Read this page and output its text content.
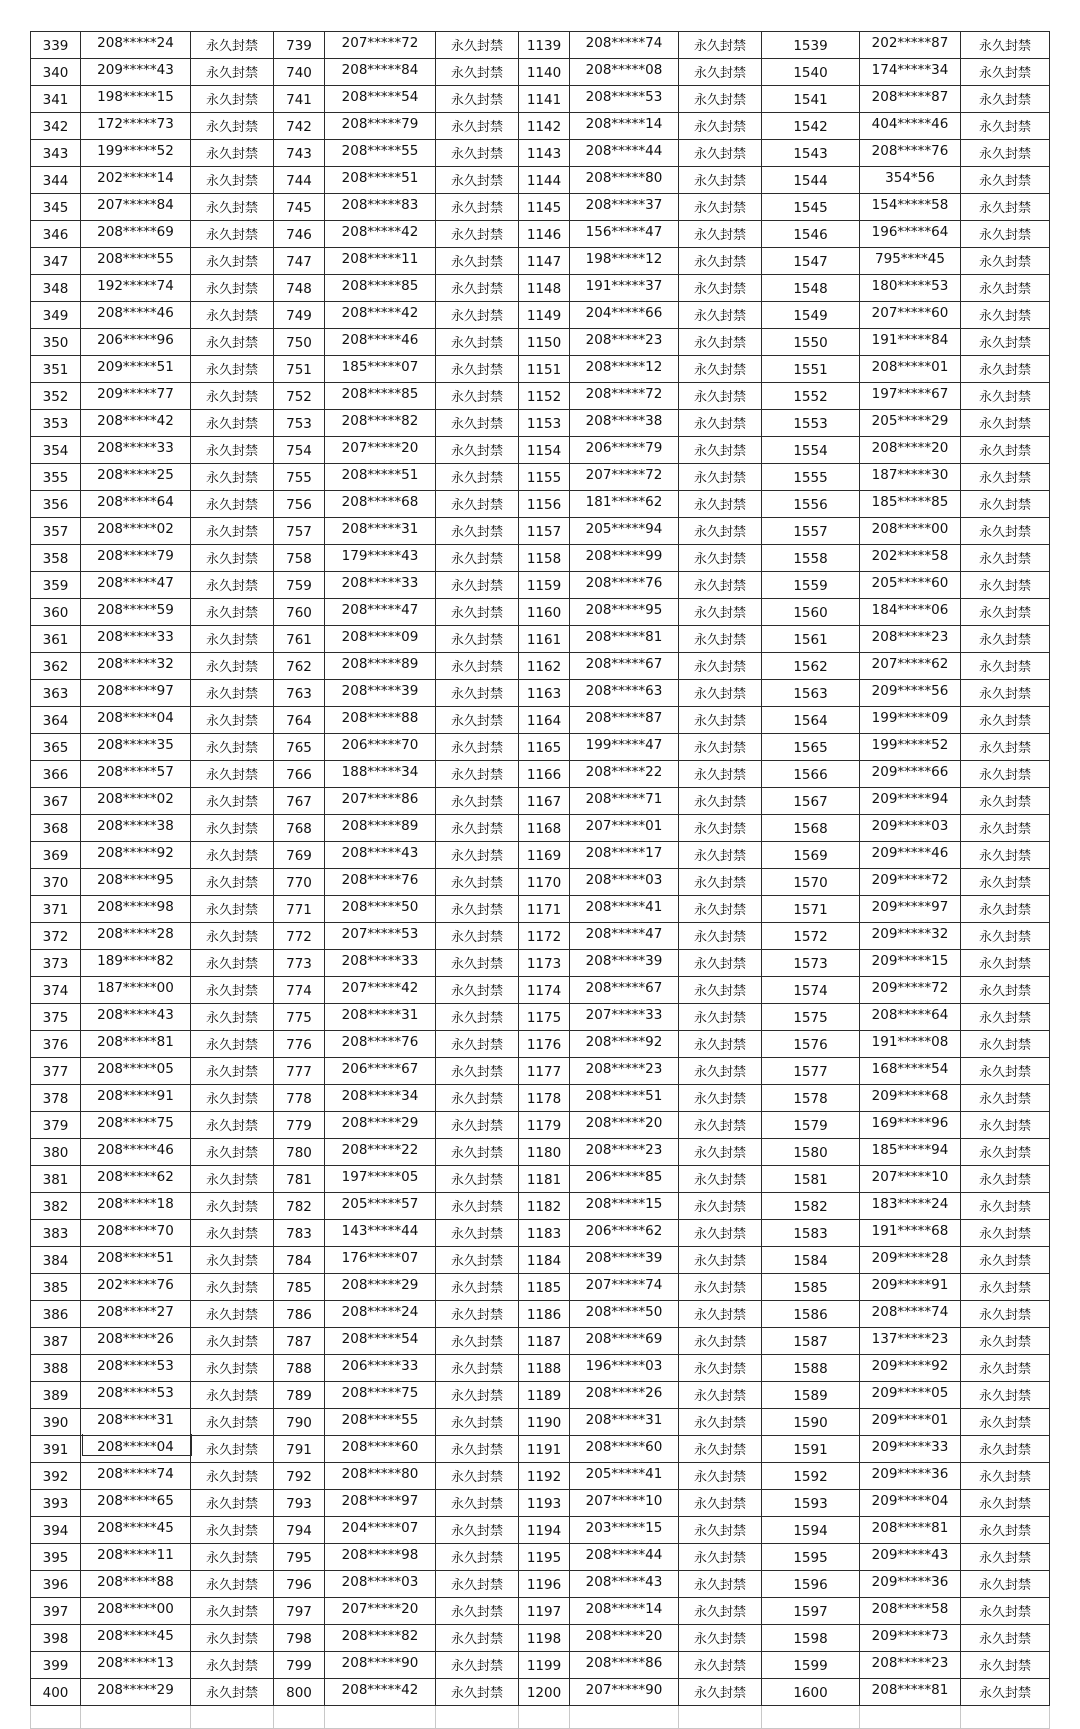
339	208*****24	永久封禁	739	207*****72	永久封禁	1139	208*****74	永久封禁	1539	202*****87	永久封禁
340	209*****43	永久封禁	740	208*****84	永久封禁	1140	208*****08	永久封禁	1540	174*****34	永久封禁
341	198*****15	永久封禁	741	208*****54	永久封禁	1141	208*****53	永久封禁	1541	208*****87	永久封禁
342	172*****73	永久封禁	742	208*****79	永久封禁	1142	208*****14	永久封禁	1542	404*****46	永久封禁
343	199*****52	永久封禁	743	208*****55	永久封禁	1143	208*****44	永久封禁	1543	208*****76	永久封禁
344	202*****14	永久封禁	744	208*****51	永久封禁	1144	208*****80	永久封禁	1544	354*56	永久封禁
345	207*****84	永久封禁	745	208*****83	永久封禁	1145	208*****37	永久封禁	1545	154*****58	永久封禁
346	208*****69	永久封禁	746	208*****42	永久封禁	1146	156*****47	永久封禁	1546	196*****64	永久封禁
347	208*****55	永久封禁	747	208*****11	永久封禁	1147	198*****12	永久封禁	1547	795****45	永久封禁
348	192*****74	永久封禁	748	208*****85	永久封禁	1148	191*****37	永久封禁	1548	180*****53	永久封禁
349	208*****46	永久封禁	749	208*****42	永久封禁	1149	204*****66	永久封禁	1549	207*****60	永久封禁
350	206*****96	永久封禁	750	208*****46	永久封禁	1150	208*****23	永久封禁	1550	191*****84	永久封禁
351	209*****51	永久封禁	751	185*****07	永久封禁	1151	208*****12	永久封禁	1551	208*****01	永久封禁
352	209*****77	永久封禁	752	208*****85	永久封禁	1152	208*****72	永久封禁	1552	197*****67	永久封禁
353	208*****42	永久封禁	753	208*****82	永久封禁	1153	208*****38	永久封禁	1553	205*****29	永久封禁
354	208*****33	永久封禁	754	207*****20	永久封禁	1154	206*****79	永久封禁	1554	208*****20	永久封禁
355	208*****25	永久封禁	755	208*****51	永久封禁	1155	207*****72	永久封禁	1555	187*****30	永久封禁
356	208*****64	永久封禁	756	208*****68	永久封禁	1156	181*****62	永久封禁	1556	185*****85	永久封禁
357	208*****02	永久封禁	757	208*****31	永久封禁	1157	205*****94	永久封禁	1557	208*****00	永久封禁
358	208*****79	永久封禁	758	179*****43	永久封禁	1158	208*****99	永久封禁	1558	202*****58	永久封禁
359	208*****47	永久封禁	759	208*****33	永久封禁	1159	208*****76	永久封禁	1559	205*****60	永久封禁
360	208*****59	永久封禁	760	208*****47	永久封禁	1160	208*****95	永久封禁	1560	184*****06	永久封禁
361	208*****33	永久封禁	761	208*****09	永久封禁	1161	208*****81	永久封禁	1561	208*****23	永久封禁
362	208*****32	永久封禁	762	208*****89	永久封禁	1162	208*****67	永久封禁	1562	207*****62	永久封禁
363	208*****97	永久封禁	763	208*****39	永久封禁	1163	208*****63	永久封禁	1563	209*****56	永久封禁
364	208*****04	永久封禁	764	208*****88	永久封禁	1164	208*****87	永久封禁	1564	199*****09	永久封禁
365	208*****35	永久封禁	765	206*****70	永久封禁	1165	199*****47	永久封禁	1565	199*****52	永久封禁
366	208*****57	永久封禁	766	188*****34	永久封禁	1166	208*****22	永久封禁	1566	209*****66	永久封禁
367	208*****02	永久封禁	767	207*****86	永久封禁	1167	208*****71	永久封禁	1567	209*****94	永久封禁
368	208*****38	永久封禁	768	208*****89	永久封禁	1168	207*****01	永久封禁	1568	209*****03	永久封禁
369	208*****92	永久封禁	769	208*****43	永久封禁	1169	208*****17	永久封禁	1569	209*****46	永久封禁
370	208*****95	永久封禁	770	208*****76	永久封禁	1170	208*****03	永久封禁	1570	209*****72	永久封禁
371	208*****98	永久封禁	771	208*****50	永久封禁	1171	208*****41	永久封禁	1571	209*****97	永久封禁
372	208*****28	永久封禁	772	207*****53	永久封禁	1172	208*****47	永久封禁	1572	209*****32	永久封禁
373	189*****82	永久封禁	773	208*****33	永久封禁	1173	208*****39	永久封禁	1573	209*****15	永久封禁
374	187*****00	永久封禁	774	207*****42	永久封禁	1174	208*****67	永久封禁	1574	209*****72	永久封禁
375	208*****43	永久封禁	775	208*****31	永久封禁	1175	207*****33	永久封禁	1575	208*****64	永久封禁
376	208*****81	永久封禁	776	208*****76	永久封禁	1176	208*****92	永久封禁	1576	191*****08	永久封禁
377	208*****05	永久封禁	777	206*****67	永久封禁	1177	208*****23	永久封禁	1577	168*****54	永久封禁
378	208*****91	永久封禁	778	208*****34	永久封禁	1178	208*****51	永久封禁	1578	209*****68	永久封禁
379	208*****75	永久封禁	779	208*****29	永久封禁	1179	208*****20	永久封禁	1579	169*****96	永久封禁
380	208*****46	永久封禁	780	208*****22	永久封禁	1180	208*****23	永久封禁	1580	185*****94	永久封禁
381	208*****62	永久封禁	781	197*****05	永久封禁	1181	206*****85	永久封禁	1581	207*****10	永久封禁
382	208*****18	永久封禁	782	205*****57	永久封禁	1182	208*****15	永久封禁	1582	183*****24	永久封禁
383	208*****70	永久封禁	783	143*****44	永久封禁	1183	206*****62	永久封禁	1583	191*****68	永久封禁
384	208*****51	永久封禁	784	176*****07	永久封禁	1184	208*****39	永久封禁	1584	209*****28	永久封禁
385	202*****76	永久封禁	785	208*****29	永久封禁	1185	207*****74	永久封禁	1585	209*****91	永久封禁
386	208*****27	永久封禁	786	208*****24	永久封禁	1186	208*****50	永久封禁	1586	208*****74	永久封禁
387	208*****26	永久封禁	787	208*****54	永久封禁	1187	208*****69	永久封禁	1587	137*****23	永久封禁
388	208*****53	永久封禁	788	206*****33	永久封禁	1188	196*****03	永久封禁	1588	209*****92	永久封禁
389	208*****53	永久封禁	789	208*****75	永久封禁	1189	208*****26	永久封禁	1589	209*****05	永久封禁
390	208*****31	永久封禁	790	208*****55	永久封禁	1190	208*****31	永久封禁	1590	209*****01	永久封禁
391	208*****04	永久封禁	791	208*****60	永久封禁	1191	208*****60	永久封禁	1591	209*****33	永久封禁
392	208*****74	永久封禁	792	208*****80	永久封禁	1192	205*****41	永久封禁	1592	209*****36	永久封禁
393	208*****65	永久封禁	793	208*****97	永久封禁	1193	207*****10	永久封禁	1593	209*****04	永久封禁
394	208*****45	永久封禁	794	204*****07	永久封禁	1194	203*****15	永久封禁	1594	208*****81	永久封禁
395	208*****11	永久封禁	795	208*****98	永久封禁	1195	208*****44	永久封禁	1595	209*****43	永久封禁
396	208*****88	永久封禁	796	208*****03	永久封禁	1196	208*****43	永久封禁	1596	209*****36	永久封禁
397	208*****00	永久封禁	797	207*****20	永久封禁	1197	208*****14	永久封禁	1597	208*****58	永久封禁
398	208*****45	永久封禁	798	208*****82	永久封禁	1198	208*****20	永久封禁	1598	209*****73	永久封禁
399	208*****13	永久封禁	799	208*****90	永久封禁	1199	208*****86	永久封禁	1599	208*****23	永久封禁
400	208*****29	永久封禁	800	208*****42	永久封禁	1200	207*****90	永久封禁	1600	208*****81	永久封禁
